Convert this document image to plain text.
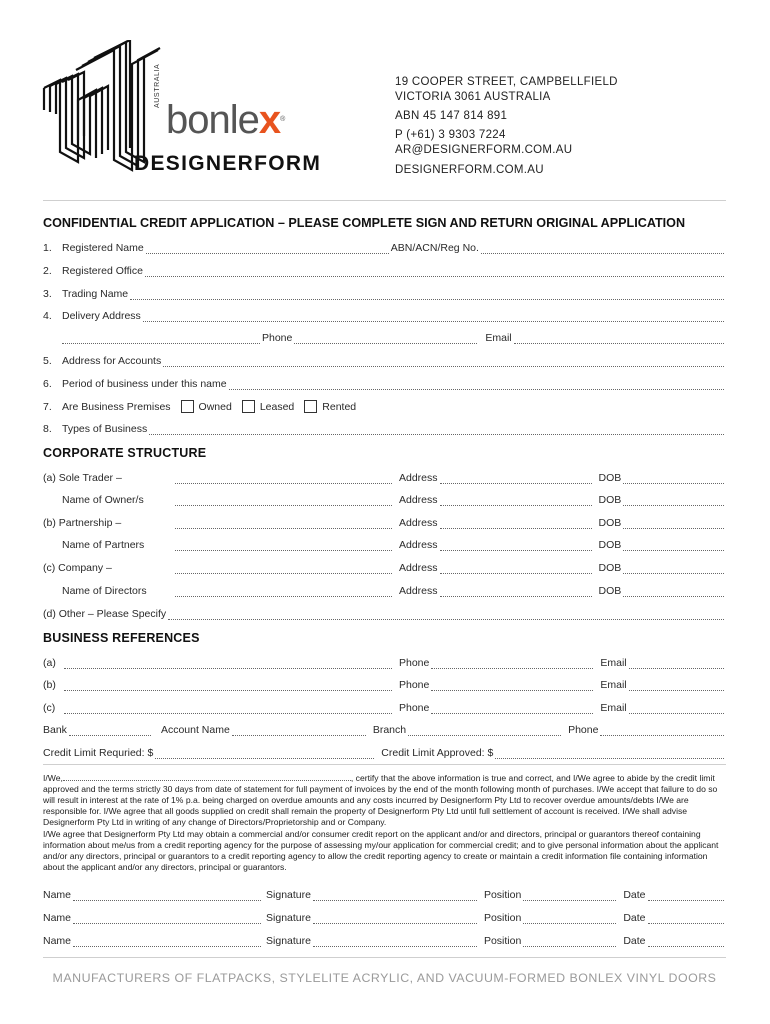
AUSTRALIA
bonlex®
DESIGNERFORM
19 COOPER STREET, CAMPBELLFIELD
VICTORIA 3061 AUSTRALIA
ABN 45 147 814 891
P (+61) 3 9303 7224
AR@DESIGNERFORM.COM.AU
DESIGNERFORM.COM.AU
CONFIDENTIAL CREDIT APPLICATION – PLEASE COMPLETE SIGN AND RETURN ORIGINAL APPLICATION
1. Registered Name	ABN/ACN/Reg No.
2. Registered Office
3. Trading Name
4. Delivery Address
Phone	Email
5. Address for Accounts
6. Period of business under this name
7. Are Business Premises	Owned	Leased	Rented
8. Types of Business
CORPORATE STRUCTURE
(a) Sole Trader –	Address	DOB
Name of Owner/s	Address	DOB
(b) Partnership –	Address	DOB
Name of Partners	Address	DOB
(c) Company –	Address	DOB
Name of Directors	Address	DOB
(d) Other – Please Specify
BUSINESS REFERENCES
(a)	Phone	Email
(b)	Phone	Email
(c)	Phone	Email
Bank	Account Name	Branch	Phone
Credit Limit Requried: $	Credit Limit Approved: $
I/We,	, certify that the above information is true and correct, and I/We agree to abide by the credit limit approved and the terms strictly 30 days from date of statement for full payment of invoices by the end of the month following month of purchases. I/We accept that failure to do so will result in interest at the rate of 1% p.a. being charged on overdue amounts and any costs incurred by Designerform Pty Ltd to recover overdue amounts/debts I/We are responsible for. I/We agree that all goods supplied on credit shall remain the property of Designerform Pty Ltd until full settlement of account is received. I/We shall advise Designerform Pty Ltd in writing of any change of Directors/Proprietorship and or Company.
I/We agree that Designerform Pty Ltd may obtain a commercial and/or consumer credit report on the applicant and/or and directors, principal or guarantors thereof containing information about me/us from a credit reporting agency for the purpose of assessing my/our application for commercial credit; and to give personal information about the applicant and/or any directors, principal or guarantors to a credit reporting agency to allow the credit reporting agency to create or maintain a credit information file containing information about the applicant and/or any directors, principal or guarantors.
Name	Signature	Position	Date
Name	Signature	Position	Date
Name	Signature	Position	Date
MANUFACTURERS OF FLATPACKS, STYLELITE ACRYLIC, AND VACUUM-FORMED BONLEX VINYL DOORS
